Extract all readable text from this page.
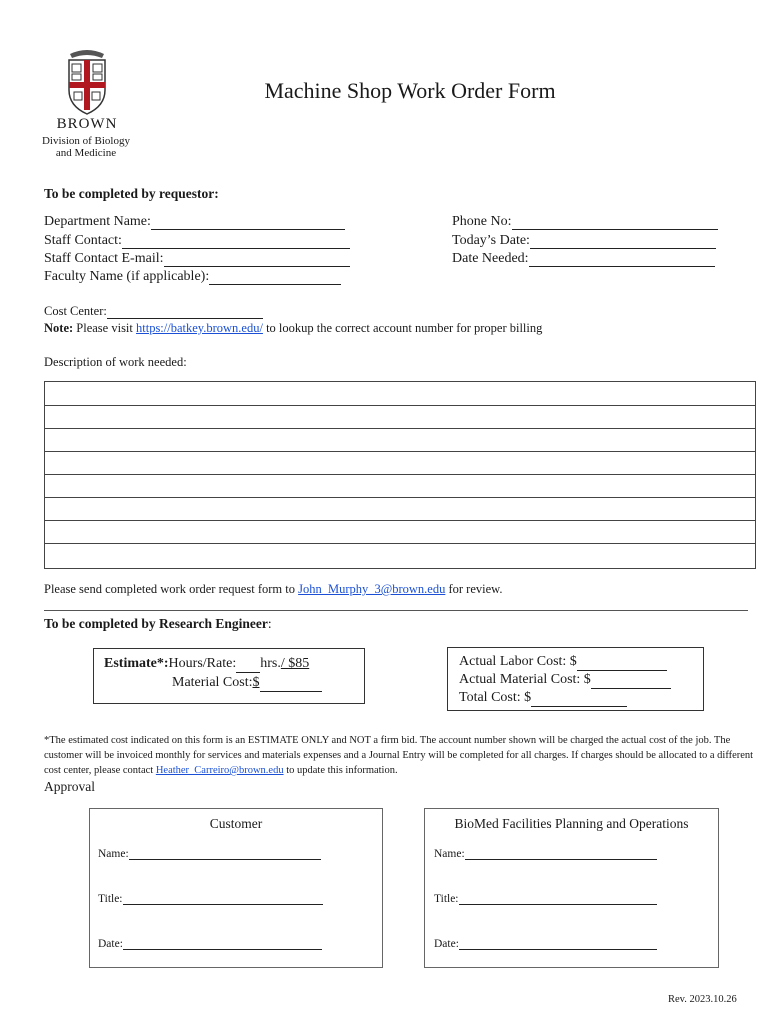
BROWN
Division of Biology and Medicine
Machine Shop Work Order Form
To be completed by requestor:
Department Name:
Staff Contact:
Staff Contact E-mail:
Faculty Name (if applicable):
Phone No:
Today’s Date:
Date Needed:
Cost Center:
Note: Please visit https://batkey.brown.edu/ to lookup the correct account number for proper billing
Description of work needed:
Please send completed work order request form to John_Murphy_3@brown.edu for review.
To be completed by Research Engineer:
Estimate*: Hours/Rate: hrs. / $85
Material Cost: $
Actual Labor Cost: $
Actual Material Cost: $
Total Cost: $
*The estimated cost indicated on this form is an ESTIMATE ONLY and NOT a firm bid. The account number shown will be charged the actual cost of the job. The customer will be invoiced monthly for services and materials expenses and a Journal Entry will be completed for all charges. If charges should be allocated to a different cost center, please contact Heather_Carreiro@brown.edu to update this information.
Approval
Customer
Name:
Title:
Date:
BioMed Facilities Planning and Operations
Name:
Title:
Date:
Rev. 2023.10.26
